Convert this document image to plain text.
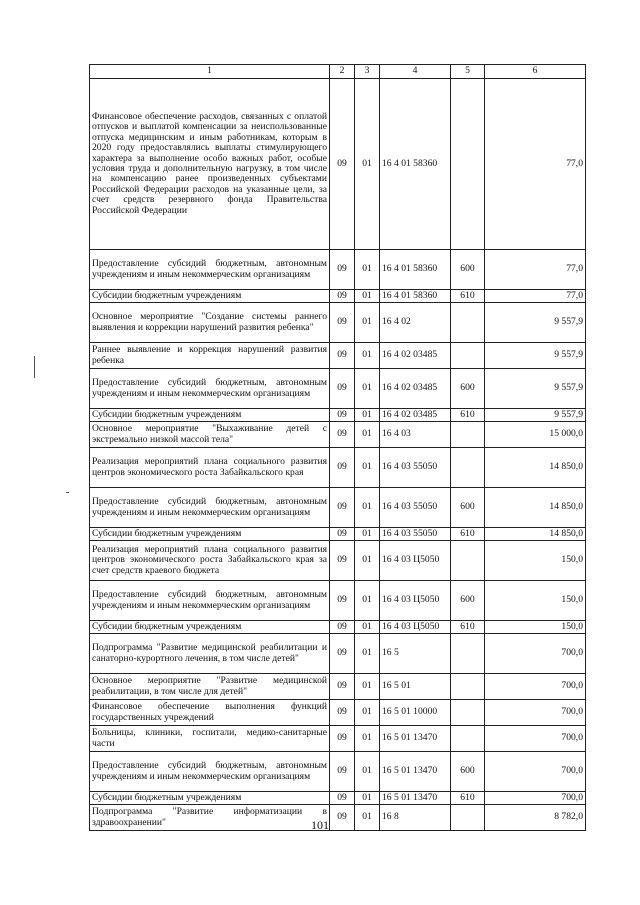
1	2	3	4	5	6
Финансовое обеспечение расходов, связанных с оплатой отпусков и выплатой компенсации за неиспользованные отпуска медицинским и иным работникам, которым в 2020 году предоставлялись выплаты стимулирующего характера за выполнение особо важных работ, особые условия труда и дополнительную нагрузку, в том числе на компенсацию ранее произведенных субъектами Российской Федерации расходов на указанные цели, за счет средств резервного фонда Правительства Российской Федерации	09	01	16 4 01 58360		77,0
Предоставление субсидий бюджетным, автономным учреждениям и иным некоммерческим организациям	09	01	16 4 01 58360	600	77,0
Субсидии бюджетным учреждениям	09	01	16 4 01 58360	610	77,0
Основное мероприятие "Создание системы раннего выявления и коррекции нарушений развития ребенка"	09	01	16 4 02		9 557,9
Раннее выявление и коррекция нарушений развития ребенка	09	01	16 4 02 03485		9 557,9
Предоставление субсидий бюджетным, автономным учреждениям и иным некоммерческим организациям	09	01	16 4 02 03485	600	9 557,9
Субсидии бюджетным учреждениям	09	01	16 4 02 03485	610	9 557,9
Основное мероприятие "Выхаживание детей с экстремально низкой массой тела"	09	01	16 4 03		15 000,0
Реализация мероприятий плана социального развития центров экономического роста Забайкальского края	09	01	16 4 03 55050		14 850,0
Предоставление субсидий бюджетным, автономным учреждениям и иным некоммерческим организациям	09	01	16 4 03 55050	600	14 850,0
Субсидии бюджетным учреждениям	09	01	16 4 03 55050	610	14 850,0
Реализация мероприятий плана социального развития центров экономического роста Забайкальского края за счет средств краевого бюджета	09	01	16 4 03 Ц5050		150,0
Предоставление субсидий бюджетным, автономным учреждениям и иным некоммерческим организациям	09	01	16 4 03 Ц5050	600	150,0
Субсидии бюджетным учреждениям	09	01	16 4 03 Ц5050	610	150,0
Подпрограмма "Развитие медицинской реабилитации и санаторно-курортного лечения, в том числе детей"	09	01	16 5		700,0
Основное мероприятие "Развитие медицинской реабилитации, в том числе для детей"	09	01	16 5 01		700,0
Финансовое обеспечение выполнения функций государственных учреждений	09	01	16 5 01 10000		700,0
Больницы, клиники, госпитали, медико-санитарные части	09	01	16 5 01 13470		700,0
Предоставление субсидий бюджетным, автономным учреждениям и иным некоммерческим организациям	09	01	16 5 01 13470	600	700,0
Субсидии бюджетным учреждениям	09	01	16 5 01 13470	610	700,0
Подпрограмма "Развитие информатизации в здравоохранении"	09	01	16 8		8 782,0
101
